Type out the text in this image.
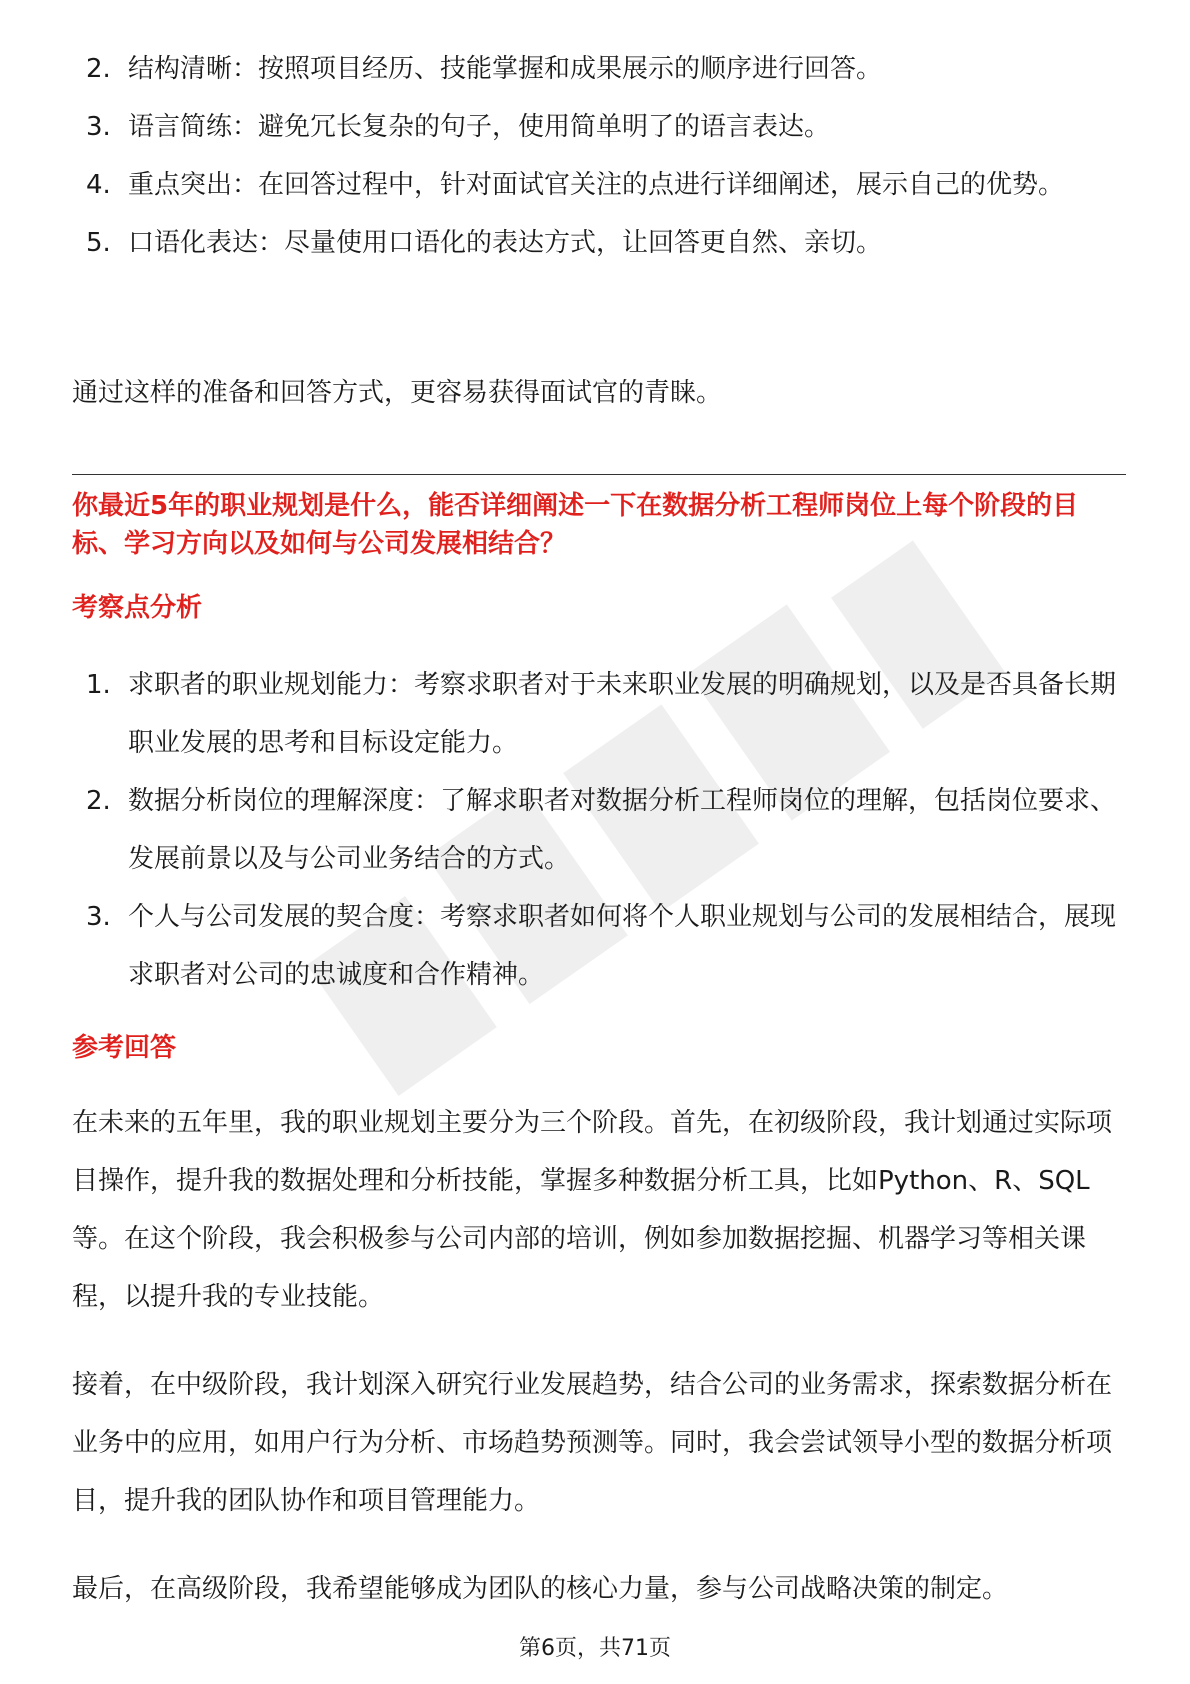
2. 结构清晰：按照项目经历、技能掌握和成果展示的顺序进行回答。
3. 语言简练：避免冗长复杂的句子，使用简单明了的语言表达。
4. 重点突出：在回答过程中，针对面试官关注的点进行详细阐述，展示自己的优势。
5. 口语化表达：尽量使用口语化的表达方式，让回答更自然、亲切。

通过这样的准备和回答方式，更容易获得面试官的青睐。

你最近5年的职业规划是什么，能否详细阐述一下在数据分析工程师岗位上每个阶段的目标、学习方向以及如何与公司发展相结合？

考察点分析

1. 求职者的职业规划能力：考察求职者对于未来职业发展的明确规划，以及是否具备长期职业发展的思考和目标设定能力。
2. 数据分析岗位的理解深度：了解求职者对数据分析工程师岗位的理解，包括岗位要求、发展前景以及与公司业务结合的方式。
3. 个人与公司发展的契合度：考察求职者如何将个人职业规划与公司的发展相结合，展现求职者对公司的忠诚度和合作精神。

参考回答

在未来的五年里，我的职业规划主要分为三个阶段。首先，在初级阶段，我计划通过实际项目操作，提升我的数据处理和分析技能，掌握多种数据分析工具，比如Python、R、SQL等。在这个阶段，我会积极参与公司内部的培训，例如参加数据挖掘、机器学习等相关课程，以提升我的专业技能。

接着，在中级阶段，我计划深入研究行业发展趋势，结合公司的业务需求，探索数据分析在业务中的应用，如用户行为分析、市场趋势预测等。同时，我会尝试领导小型的数据分析项目，提升我的团队协作和项目管理能力。

最后，在高级阶段，我希望能够成为团队的核心力量，参与公司战略决策的制定。

第6页，共71页
